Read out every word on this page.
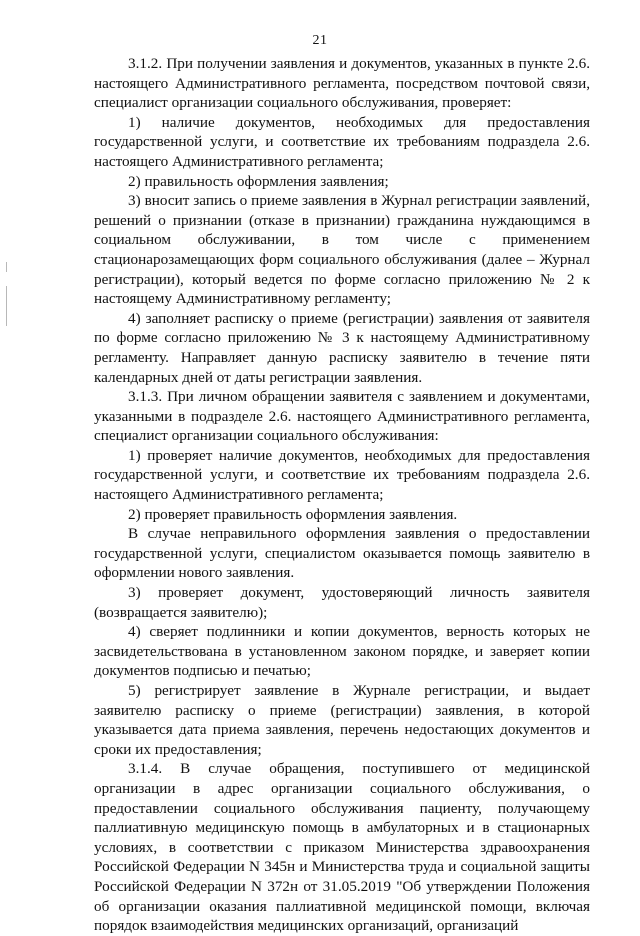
21

3.1.2. При получении заявления и документов, указанных в пункте 2.6. настоящего Административного регламента, посредством почтовой связи, специалист организации социального обслуживания, проверяет:

1) наличие документов, необходимых для предоставления государственной услуги, и соответствие их требованиям подраздела 2.6. настоящего Административного регламента;

2) правильность оформления заявления;

3) вносит запись о приеме заявления в Журнал регистрации заявлений, решений о признании (отказе в признании) гражданина нуждающимся в социальном обслуживании, в том числе с применением стационарозамещающих форм социального обслуживания (далее – Журнал регистрации), который ведется по форме согласно приложению № 2 к настоящему Административному регламенту;

4) заполняет расписку о приеме (регистрации) заявления от заявителя по форме согласно приложению № 3 к настоящему Административному регламенту. Направляет данную расписку заявителю в течение пяти календарных дней от даты регистрации заявления.

3.1.3. При личном обращении заявителя с заявлением и документами, указанными в подразделе 2.6. настоящего Административного регламента, специалист организации социального обслуживания:

1) проверяет наличие документов, необходимых для предоставления государственной услуги, и соответствие их требованиям подраздела 2.6. настоящего Административного регламента;

2) проверяет правильность оформления заявления.

В случае неправильного оформления заявления о предоставлении государственной услуги, специалистом оказывается помощь заявителю в оформлении нового заявления.

3) проверяет документ, удостоверяющий личность заявителя (возвращается заявителю);

4) сверяет подлинники и копии документов, верность которых не засвидетельствована в установленном законом порядке, и заверяет копии документов подписью и печатью;

5) регистрирует заявление в Журнале регистрации, и выдает заявителю расписку о приеме (регистрации) заявления, в которой указывается дата приема заявления, перечень недостающих документов и сроки их предоставления;

3.1.4. В случае обращения, поступившего от медицинской организации в адрес организации социального обслуживания, о предоставлении социального обслуживания пациенту, получающему паллиативную медицинскую помощь в амбулаторных и в стационарных условиях, в соответствии с приказом Министерства здравоохранения Российской Федерации N 345н и Министерства труда и социальной защиты Российской Федерации N 372н от 31.05.2019 "Об утверждении Положения об организации оказания паллиативной медицинской помощи, включая порядок взаимодействия медицинских организаций, организаций
